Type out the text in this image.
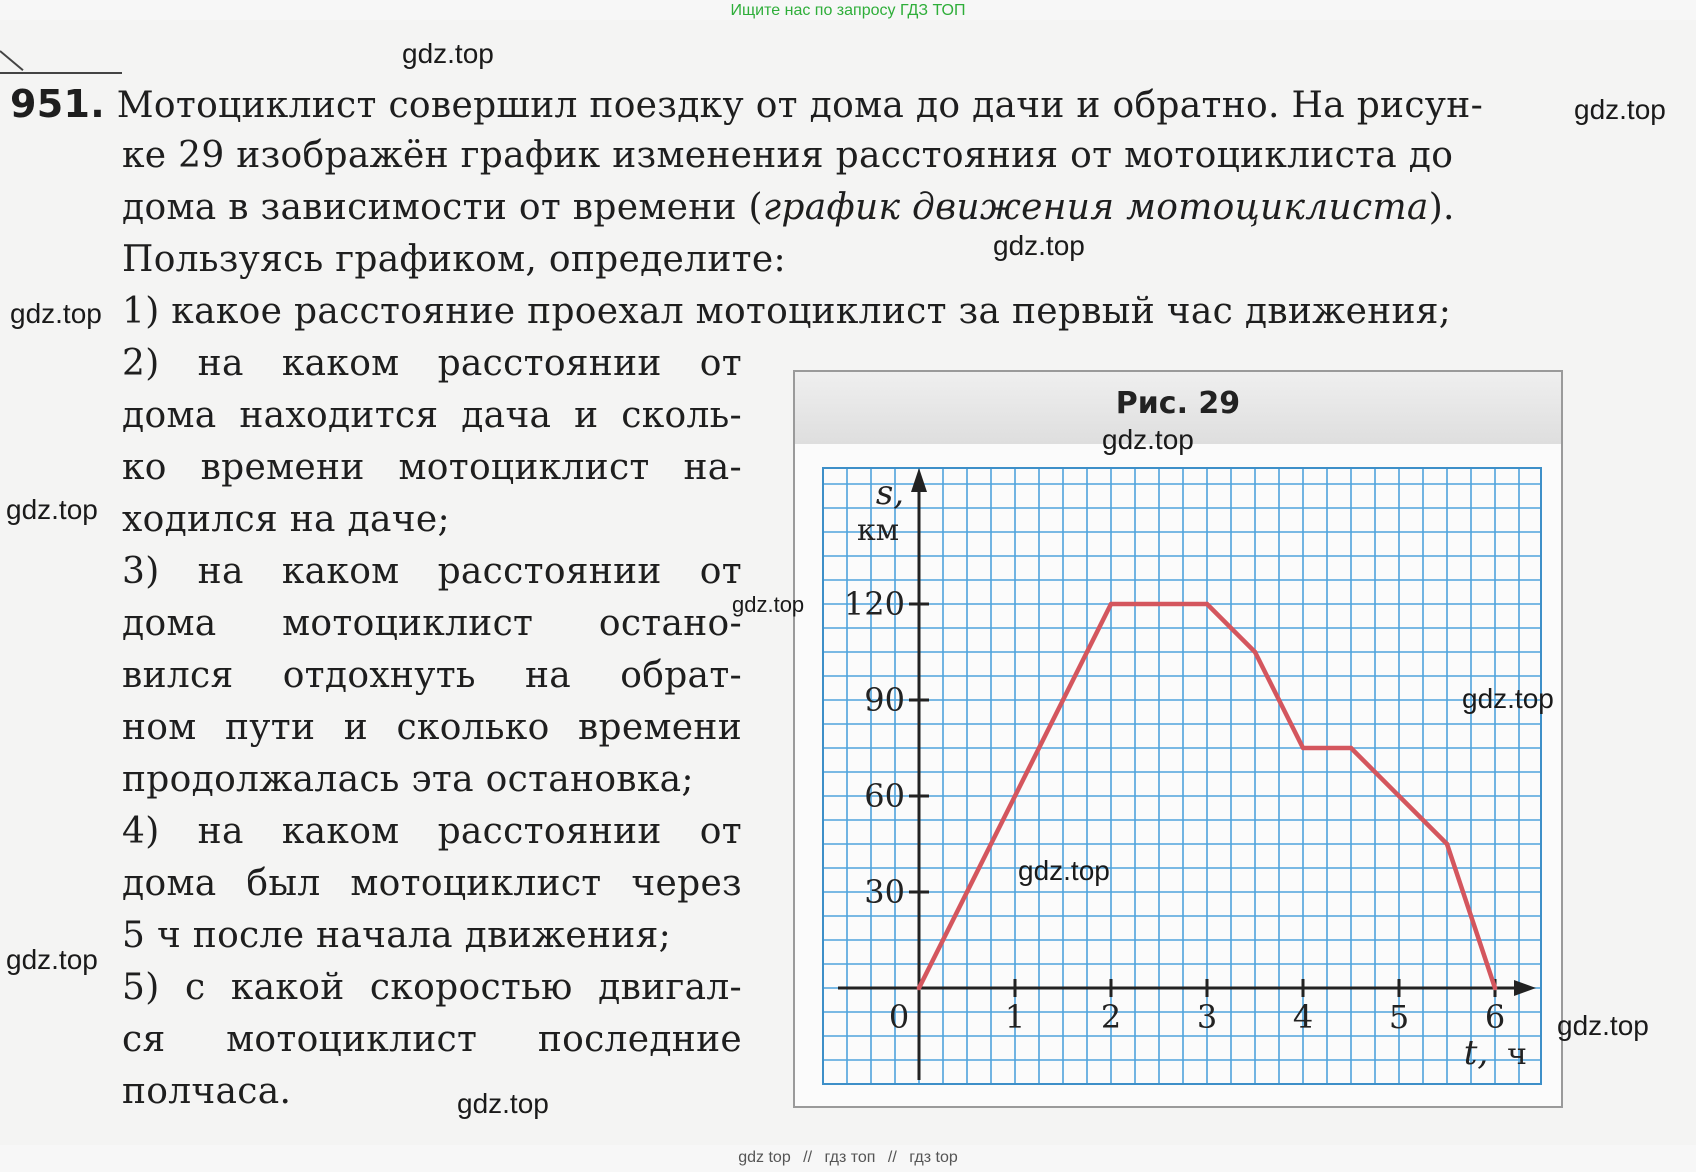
Ищите нас по запросу ГДЗ ТОП
951. Мотоциклист совершил поездку от дома до дачи и обратно. На рисун-
ке 29 изображён график изменения расстояния от мотоциклиста до
дома в зависимости от времени (график движения мотоциклиста).
Пользуясь графиком, определите:
1) какое расстояние проехал мотоциклист за первый час движения;
2) на каком расстоянии от
дома находится дача и сколь-
ко времени мотоциклист на-
ходился на даче;
3) на каком расстоянии от
дома мотоциклист остано-
вился отдохнуть на обрат-
ном пути и сколько времени
продолжалась эта остановка;
4) на каком расстоянии от
дома был мотоциклист через
5 ч после начала движения;
5) с какой скоростью двигал-
ся мотоциклист последние
полчаса.
Рис. 29
1 2 3 4 5 6
30
60
90
120
0
s,
км
t, ч
gdz.top
gdz.top
gdz.top
gdz.top
gdz.top
gdz.top
gdz.top
gdz.top
gdz.top
gdz.top
gdz.top
gdz.top
gdz top // гдз топ // гдз top
